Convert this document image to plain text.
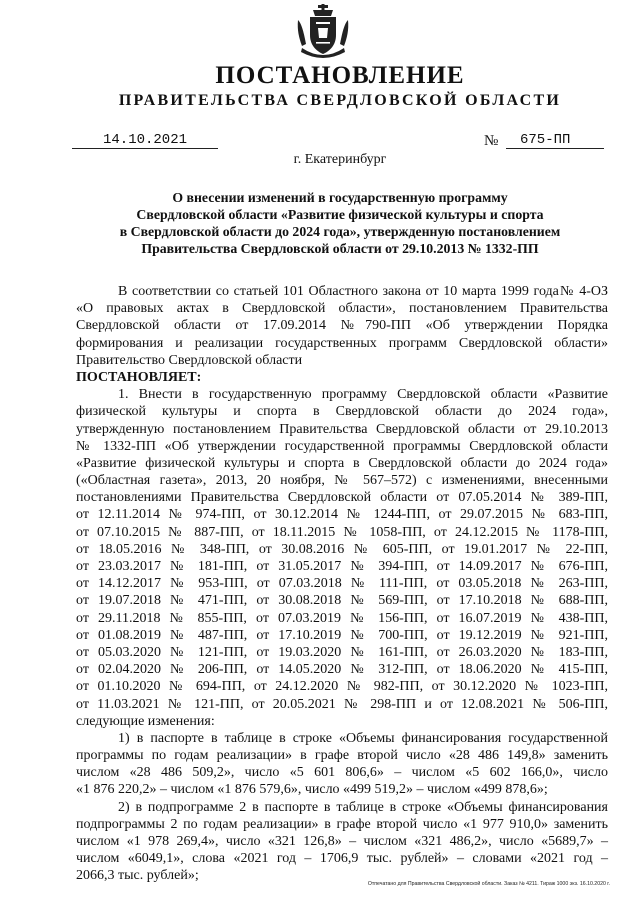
ПОСТАНОВЛЕНИЕ
ПРАВИТЕЛЬСТВА СВЕРДЛОВСКОЙ ОБЛАСТИ
14.10.2021	№	675-ПП
г. Екатеринбург
О внесении изменений в государственную программу
Свердловской области «Развитие физической культуры и спорта
в Свердловской области до 2024 года», утвержденную постановлением
Правительства Свердловской области от 29.10.2013 № 1332-ПП
В соответствии со статьей 101 Областного закона от 10 марта 1999 года№ 4-ОЗ
«О правовых актах в Свердловской области», постановлением Правительства
Свердловской области от 17.09.2014 №790-ПП «Об утверждении Порядка
формирования и реализации государственных программ Свердловской области»
Правительство Свердловской области
ПОСТАНОВЛЯЕТ:
1. Внести в государственную программу Свердловской области «Развитие
физической культуры и спорта в Свердловской области до 2024 года»,
утвержденную постановлением Правительства Свердловской области от 29.10.2013
№ 1332-ПП «Об утверждении государственной программы Свердловской области
«Развитие физической культуры и спорта в Свердловской области до 2024 года»
(«Областная газета», 2013, 20 ноября, № 567–572) с изменениями, внесенными
постановлениями Правительства Свердловской области от 07.05.2014 № 389-ПП,
от 12.11.2014 № 974-ПП, от 30.12.2014 № 1244-ПП, от 29.07.2015 № 683-ПП,
от 07.10.2015 № 887-ПП, от 18.11.2015 № 1058-ПП, от 24.12.2015 № 1178-ПП,
от 18.05.2016 № 348-ПП, от 30.08.2016 № 605-ПП, от 19.01.2017 № 22-ПП,
от 23.03.2017 № 181-ПП, от 31.05.2017 № 394-ПП, от 14.09.2017 № 676-ПП,
от 14.12.2017 № 953-ПП, от 07.03.2018 № 111-ПП, от 03.05.2018 № 263-ПП,
от 19.07.2018 № 471-ПП, от 30.08.2018 № 569-ПП, от 17.10.2018 № 688-ПП,
от 29.11.2018 № 855-ПП, от 07.03.2019 № 156-ПП, от 16.07.2019 № 438-ПП,
от 01.08.2019 № 487-ПП, от 17.10.2019 № 700-ПП, от 19.12.2019 № 921-ПП,
от 05.03.2020 № 121-ПП, от 19.03.2020 № 161-ПП, от 26.03.2020 № 183-ПП,
от 02.04.2020 № 206-ПП, от 14.05.2020 № 312-ПП, от 18.06.2020 № 415-ПП,
от 01.10.2020 № 694-ПП, от 24.12.2020 № 982-ПП, от 30.12.2020 № 1023-ПП,
от 11.03.2021 № 121-ПП, от 20.05.2021 № 298-ПП и от 12.08.2021 № 506-ПП,
следующие изменения:
1) в паспорте в таблице в строке «Объемы финансирования государственной
программы по годам реализации» в графе второй число «28 486 149,8» заменить
числом «28 486 509,2», число «5 601 806,6» – числом «5 602 166,0», число
«1 876 220,2» – числом «1 876 579,6», число «499 519,2» – числом «499 878,6»;
2) в подпрограмме 2 в паспорте в таблице в строке «Объемы финансирования
подпрограммы 2 по годам реализации» в графе второй число «1 977 910,0» заменить
числом «1 978 269,4», число «321 126,8» – числом «321 486,2», число «5689,7» –
числом «6049,1», слова «2021 год – 1706,9 тыс. рублей» – словами «2021 год –
2066,3 тыс. рублей»;
Отпечатано для Правительства Свердловской области. Заказ № 4211. Тираж 1000 экз. 16.10.2020 г.
